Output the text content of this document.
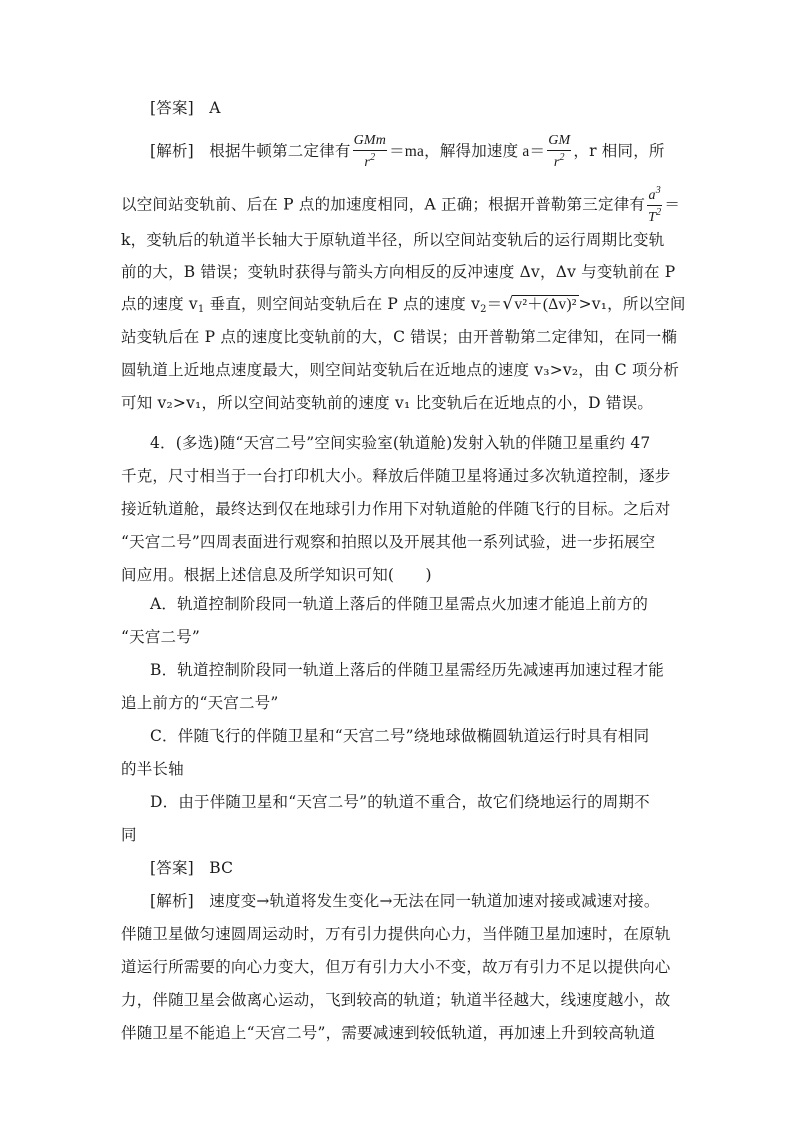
[答案] A
[解析] 根据牛顿第二定律有 $\frac{\text{GMm}}{r^2} =ma$，解得加速度 $a= \frac{GM}{r^2}$ ，r 相同，所
以空间站变轨前、后在 P 点的加速度相同，A 正确；根据开普勒第三定律有 $\frac{a^3}{T^2}$ ＝
k，变轨后的轨道半长轴大于原轨道半径，所以空间站变轨后的运行周期比变轨
前的大，B 错误；变轨时获得与箭头方向相反的反冲速度 Δv，Δv 与变轨前在 P
点的速度 $v_1$ 垂直，则空间站变轨后在 P 点的速度 $v_2=√v^2+(\Delta v)^2 >v_1$，所以空间
站变轨后在 P 点的速度比变轨前的大，C 错误；由开普勒第二定律知，在同一椭
圆轨道上近地点速度最大，则空间站变轨后在近地点的速度 v₃>v₂，由 C 项分析
可知 v₂>v₁，所以空间站变轨前的速度 v₁ 比变轨后在近地点的小，D 错误。
4．(多选)随“天宫二号”空间实验室(轨道舱)发射入轨的伴随卫星重约 47
千克，尺寸相当于一台打印机大小。释放后伴随卫星将通过多次轨道控制，逐步
接近轨道舱，最终达到仅在地球引力作用下对轨道舱的伴随飞行的目标。之后对
“天宫二号”四周表面进行观察和拍照以及开展其他一系列试验，进一步拓展空
间应用。根据上述信息及所学知识可知(　　)
A．轨道控制阶段同一轨道上落后的伴随卫星需点火加速才能追上前方的
“天宫二号”
B．轨道控制阶段同一轨道上落后的伴随卫星需经历先减速再加速过程才能
追上前方的“天宫二号”
C．伴随飞行的伴随卫星和“天宫二号”绕地球做椭圆轨道运行时具有相同
的半长轴
D．由于伴随卫星和“天宫二号”的轨道不重合，故它们绕地运行的周期不
同
[答案] BC
[解析] 速度变→轨道将发生变化→无法在同一轨道加速对接或减速对接。
伴随卫星做匀速圆周运动时，万有引力提供向心力，当伴随卫星加速时，在原轨
道运行所需要的向心力变大，但万有引力大小不变，故万有引力不足以提供向心
力，伴随卫星会做离心运动，飞到较高的轨道；轨道半径越大，线速度越小，故
伴随卫星不能追上“天宫二号”，需要减速到较低轨道，再加速上升到较高轨道
